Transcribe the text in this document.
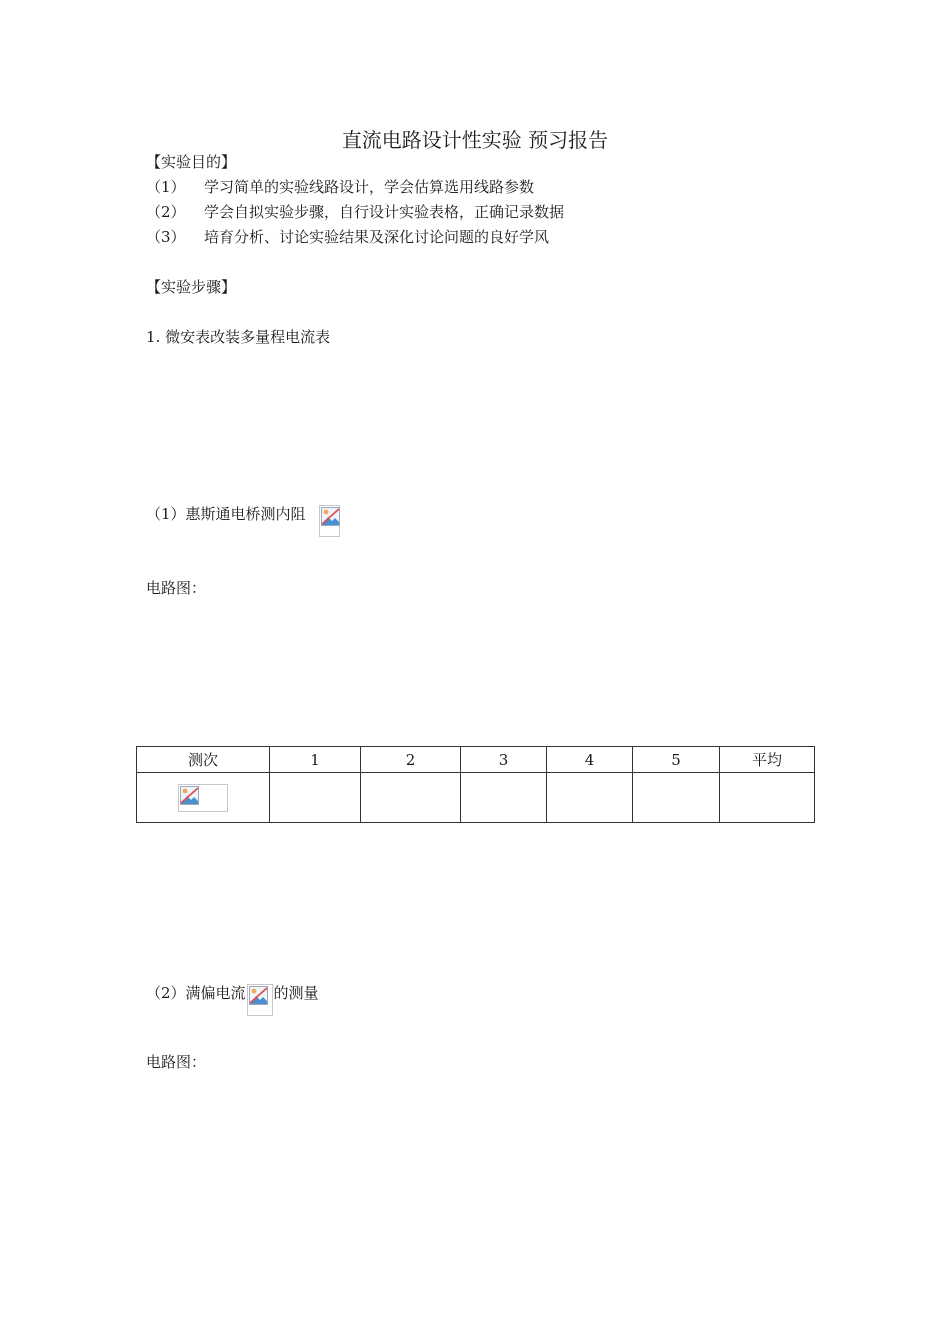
直流电路设计性实验 预习报告
【实验目的】
（1） 学习简单的实验线路设计，学会估算选用线路参数
（2） 学会自拟实验步骤，自行设计实验表格，正确记录数据
（3） 培育分析、讨论实验结果及深化讨论问题的良好学风
【实验步骤】
1. 微安表改装多量程电流表
（1）惠斯通电桥测内阻
电路图：
测次	1	2	3	4	5	平均

（2）满偏电流 的测量
电路图：
